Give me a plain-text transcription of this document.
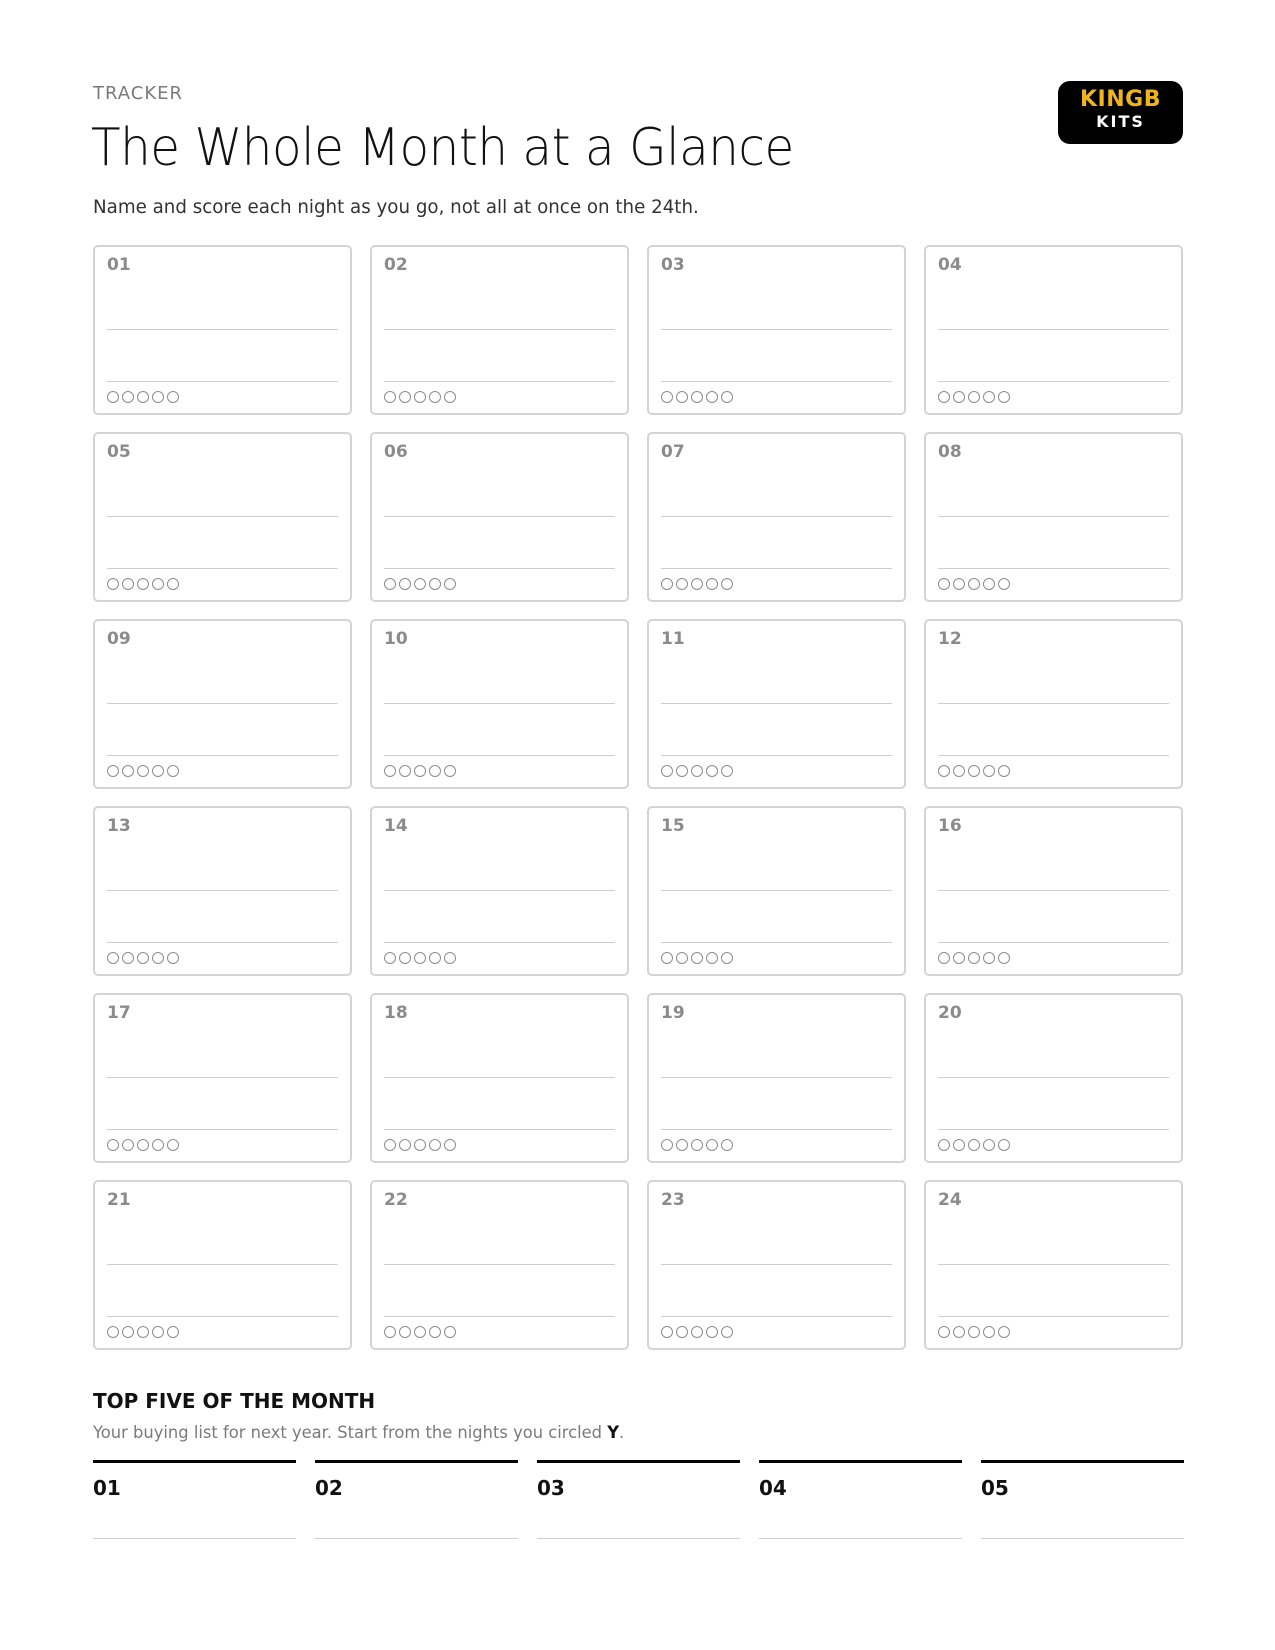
TRACKER
The Whole Month at a Glance
Name and score each night as you go, not all at once on the 24th.
KINGB
KITS
01	02	03	04
05	06	07	08
09	10	11	12
13	14	15	16
17	18	19	20
21	22	23	24
TOP FIVE OF THE MONTH
Your buying list for next year. Start from the nights you circled Y.
01	02	03	04	05
